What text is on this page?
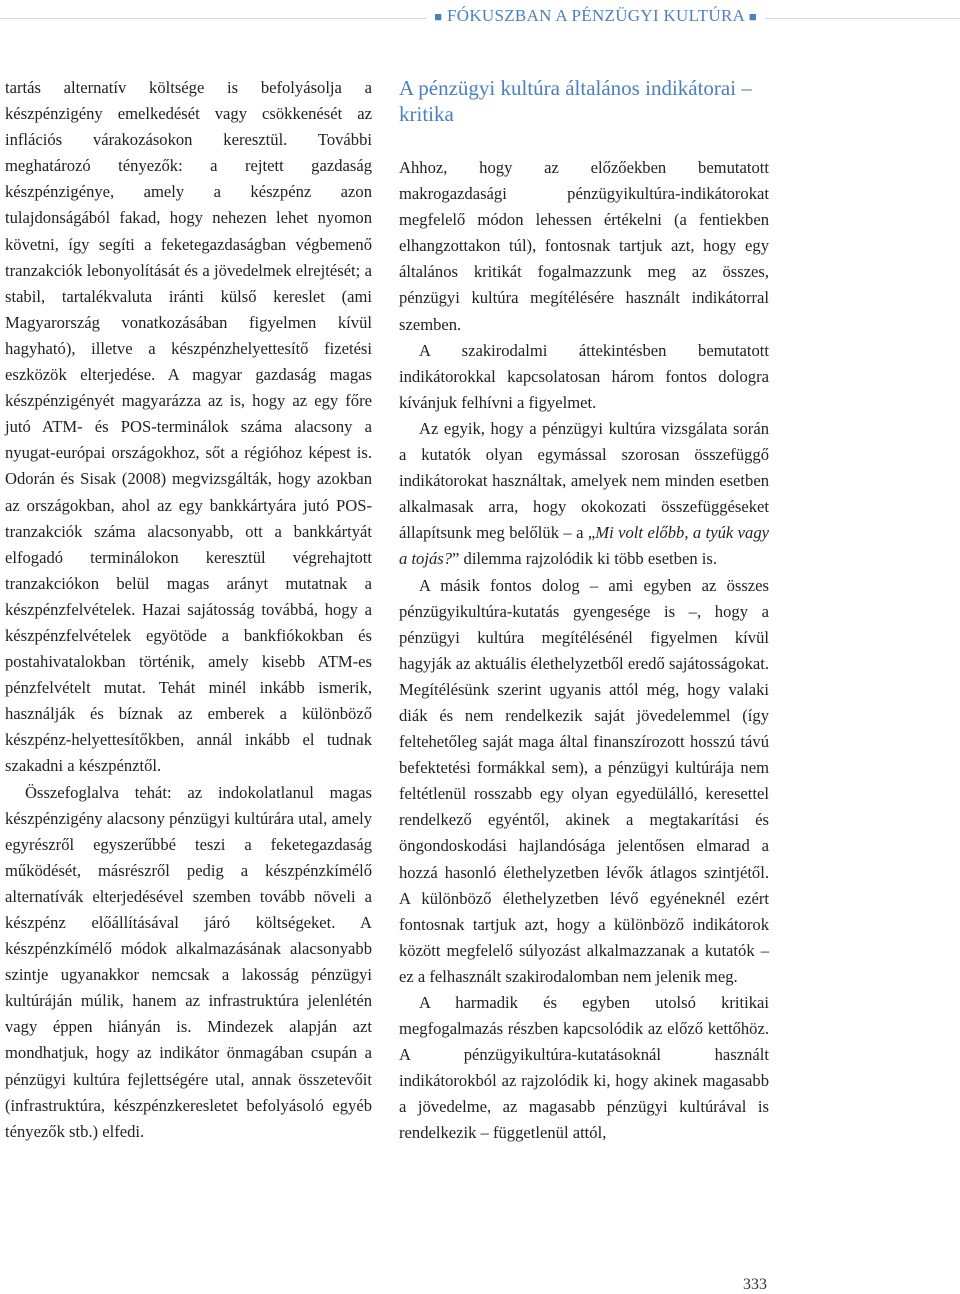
■ FÓKUSZBAN A PÉNZÜGYI KULTÚRA ■

tartás alternatív költsége is befolyásolja a készpénzigény emelkedését vagy csökkenését az inflációs várakozásokon keresztül. További meghatározó tényezők: a rejtett gazdaság készpénzigénye, amely a készpénz azon tulajdonságából fakad, hogy nehezen lehet nyomon követni, így segíti a feketegazdaságban végbemenő tranzakciók lebonyolítását és a jövedelmek elrejtését; a stabil, tartalékvaluta iránti külső kereslet (ami Magyarország vonatkozásában figyelmen kívül hagyható), illetve a készpénzhelyettesítő fizetési eszközök elterjedése. A magyar gazdaság magas készpénzigényét magyarázza az is, hogy az egy főre jutó ATM- és POS-terminálok száma alacsony a nyugat-európai országokhoz, sőt a régióhoz képest is. Odorán és Sisak (2008) megvizsgálták, hogy azokban az országokban, ahol az egy bankkártyára jutó POS-tranzakciók száma alacsonyabb, ott a bankkártyát elfogadó terminálokon keresztül végrehajtott tranzakciókon belül magas arányt mutatnak a készpénzfelvételek. Hazai sajátosság továbbá, hogy a készpénzfelvételek egyötöde a bankfiókokban és postahivatalokban történik, amely kisebb ATM-es pénzfelvételt mutat. Tehát minél inkább ismerik, használják és bíznak az emberek a különböző készpénz-helyettesítőkben, annál inkább el tudnak szakadni a készpénztől.

Összefoglalva tehát: az indokolatlanul magas készpénzigény alacsony pénzügyi kultúrára utal, amely egyrészről egyszerűbbé teszi a feketegazdaság működését, másrészről pedig a készpénzkímélő alternatívák elterjedésével szemben tovább növeli a készpénz előállításával járó költségeket. A készpénzkímélő módok alkalmazásának alacsonyabb szintje ugyanakkor nemcsak a lakosság pénzügyi kultúráján múlik, hanem az infrastruktúra jelenlétén vagy éppen hiányán is. Mindezek alapján azt mondhatjuk, hogy az indikátor önmagában csupán a pénzügyi kultúra fejlettségére utal, annak összetevőit (infrastruktúra, készpénzkeresletet befolyásoló egyéb tényezők stb.) elfedi.

A pénzügyi kultúra általános indikátorai – kritika

Ahhoz, hogy az előzőekben bemutatott makrogazdasági pénzügyikultúra-indikátorokat megfelelő módon lehessen értékelni (a fentiekben elhangzottakon túl), fontosnak tartjuk azt, hogy egy általános kritikát fogalmazzunk meg az összes, pénzügyi kultúra megítélésére használt indikátorral szemben.

A szakirodalmi áttekintésben bemutatott indikátorokkal kapcsolatosan három fontos dologra kívánjuk felhívni a figyelmet.

Az egyik, hogy a pénzügyi kultúra vizsgálata során a kutatók olyan egymással szorosan összefüggő indikátorokat használtak, amelyek nem minden esetben alkalmasak arra, hogy okokozati összefüggéseket állapítsunk meg belőlük – a „Mi volt előbb, a tyúk vagy a tojás?” dilemma rajzolódik ki több esetben is.

A másik fontos dolog – ami egyben az összes pénzügyikultúra-kutatás gyengesége is –, hogy a pénzügyi kultúra megítélésénél figyelmen kívül hagyják az aktuális élethelyzetből eredő sajátosságokat. Megítélésünk szerint ugyanis attól még, hogy valaki diák és nem rendelkezik saját jövedelemmel (így feltehetőleg saját maga által finanszírozott hosszú távú befektetési formákkal sem), a pénzügyi kultúrája nem feltétlenül rosszabb egy olyan egyedülálló, keresettel rendelkező egyéntől, akinek a megtakarítási és öngondoskodási hajlandósága jelentősen elmarad a hozzá hasonló élethelyzetben lévők átlagos szintjétől. A különböző élethelyzetben lévő egyéneknél ezért fontosnak tartjuk azt, hogy a különböző indikátorok között megfelelő súlyozást alkalmazzanak a kutatók – ez a felhasznált szakirodalomban nem jelenik meg.

A harmadik és egyben utolsó kritikai megfogalmazás részben kapcsolódik az előző kettőhöz. A pénzügyikultúra-kutatásoknál használt indikátorokból az rajzolódik ki, hogy akinek magasabb a jövedelme, az magasabb pénzügyi kultúrával is rendelkezik – függetlenül attól,

333
